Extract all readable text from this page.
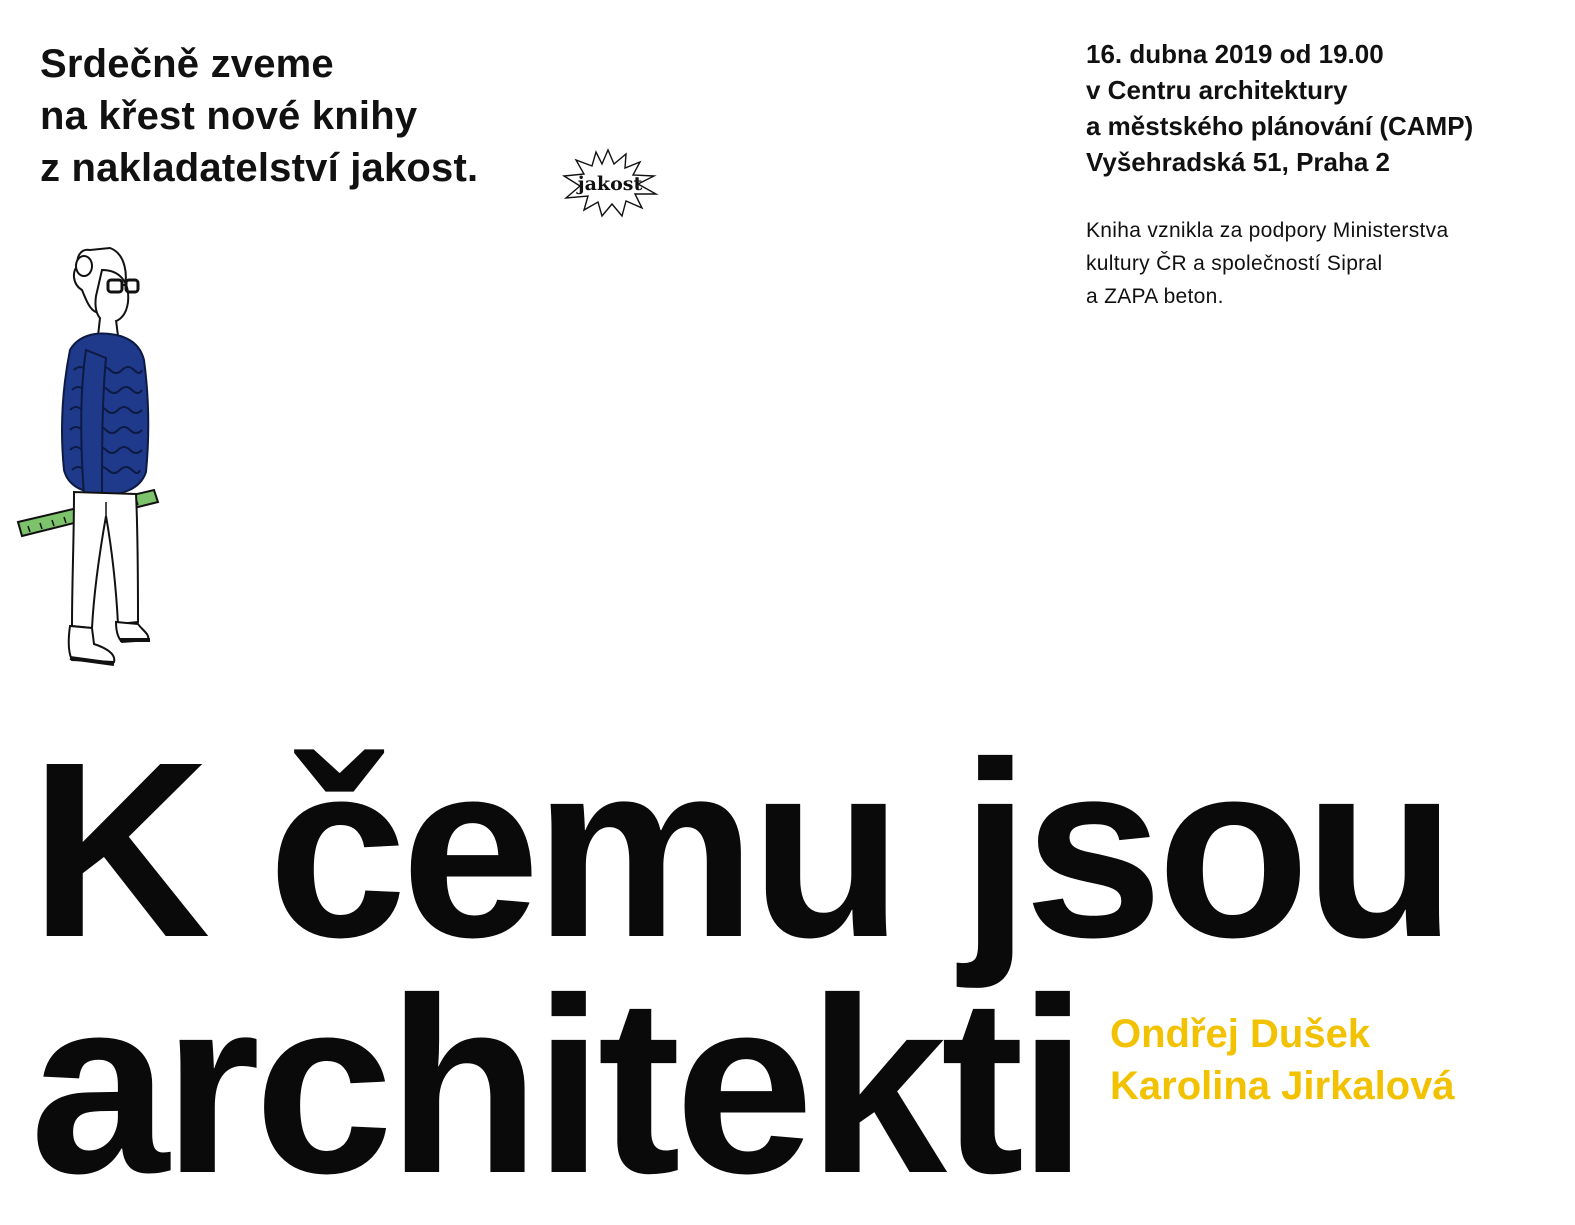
Srdečně zveme
na křest nové knihy
z nakladatelství jakost.	jakost
16. dubna 2019 od 19.00
v Centru architektury
a městského plánování (CAMP)
Vyšehradská 51, Praha 2
Kniha vznikla za podpory Ministerstva
kultury ČR a společností Sipral
a ZAPA beton.
K čemu jsou
architekti Ondřej Dušek
Karolina Jirkalová
